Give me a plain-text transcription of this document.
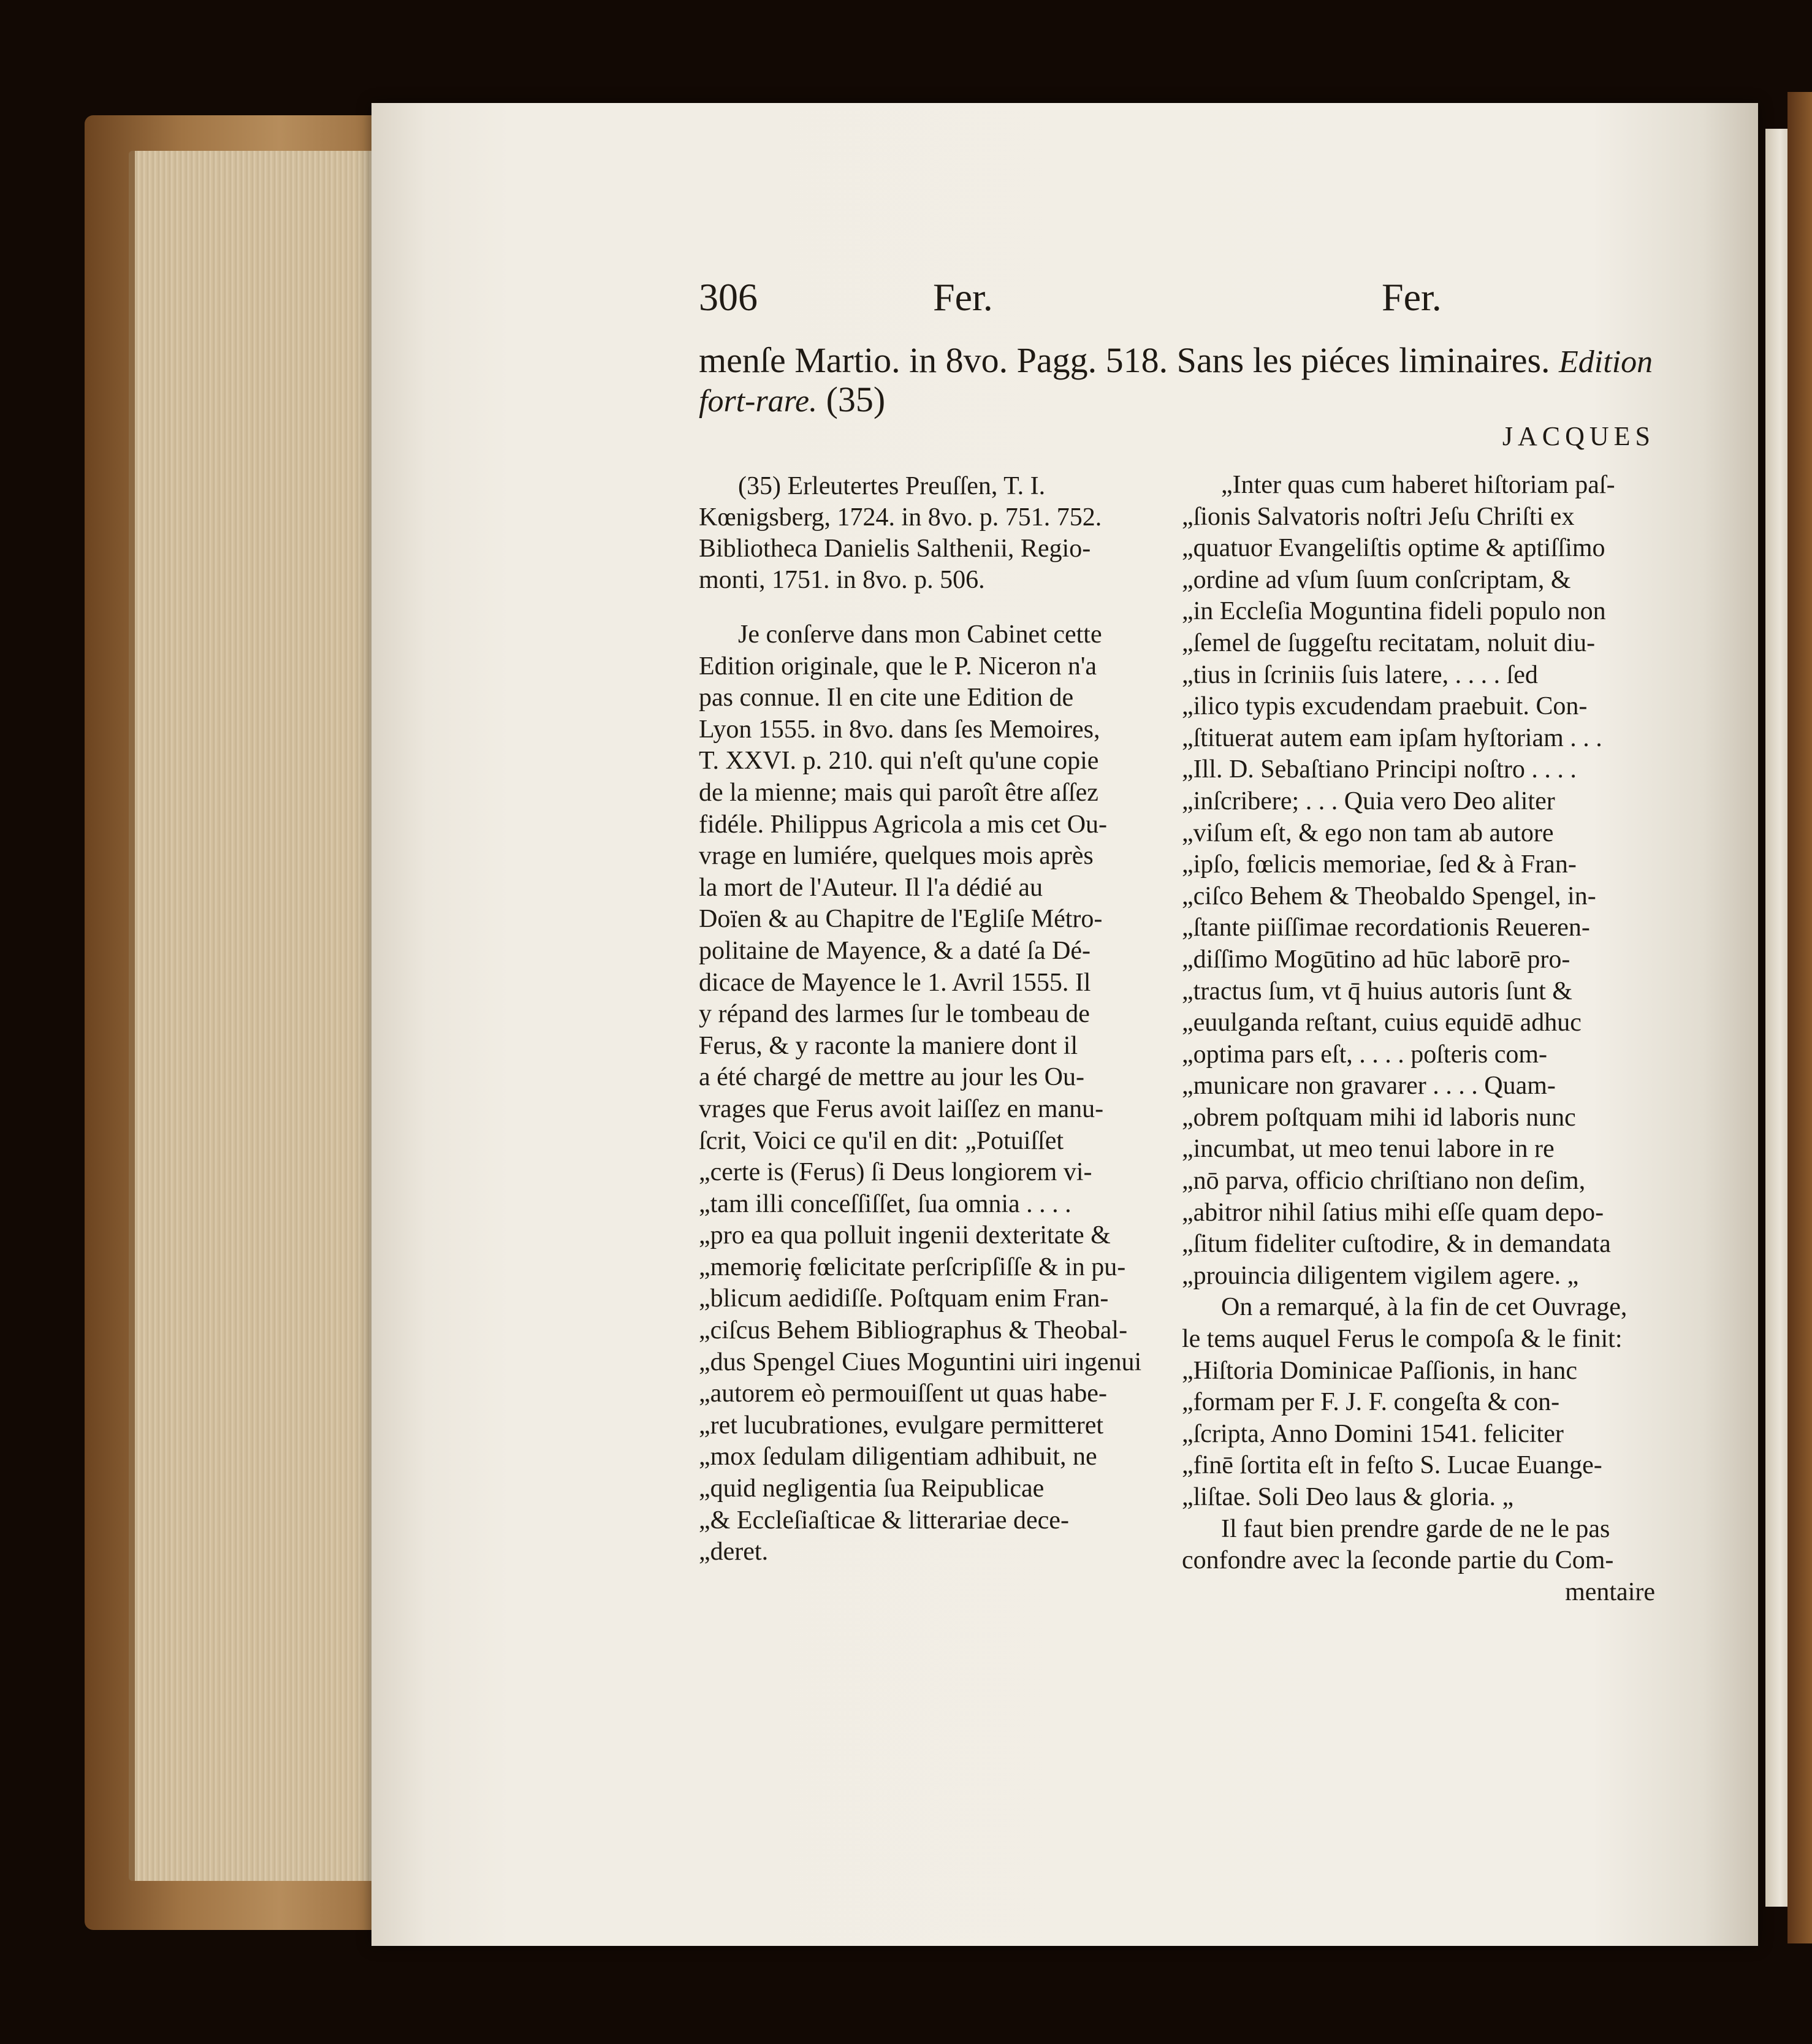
306	Fer.	Fer.
menſe Martio. in 8vo. Pagg. 518. Sans les piéces liminaires. Edition
fort-rare. (35)

(35) Erleutertes Preuſſen, T. I.

Kœnigsberg, 1724. in 8vo. p. 751. 752.

Bibliotheca Danielis Salthenii, Regio-

monti, 1751. in 8vo. p. 506.

Je conſerve dans mon Cabinet cette

Edition originale, que le P. Niceron n'a

pas connue. Il en cite une Edition de

Lyon 1555. in 8vo. dans ſes Memoires,

T. XXVI. p. 210. qui n'eſt qu'une copie

de la mienne; mais qui paroît être aſſez

fidéle. Philippus Agricola a mis cet Ou-

vrage en lumiére, quelques mois après

la mort de l'Auteur. Il l'a dédié au

Doïen & au Chapitre de l'Egliſe Métro-

politaine de Mayence, & a daté ſa Dé-

dicace de Mayence le 1. Avril 1555. Il

y répand des larmes ſur le tombeau de

Ferus, & y raconte la maniere dont il

a été chargé de mettre au jour les Ou-

vrages que Ferus avoit laiſſez en manu-

ſcrit, Voici ce qu'il en dit: „Potuiſſet

„certe is (Ferus) ſi Deus longiorem vi-

„tam illi conceſſiſſet, ſua omnia . . . .

„pro ea qua polluit ingenii dexteritate &

„memoriȩ fœlicitate perſcripſiſſe & in pu-

„blicum aedidiſſe. Poſtquam enim Fran-

„ciſcus Behem Bibliographus & Theobal-

„dus Spengel Ciues Moguntini uiri ingenui

„autorem eò permouiſſent ut quas habe-

„ret lucubrationes, evulgare permitteret

„mox ſedulam diligentiam adhibuit, ne

„quid negligentia ſua Reipublicae

„& Eccleſiaſticae & litterariae dece-

„deret.

JACQUES

„Inter quas cum haberet hiſtoriam paſ-

„ſionis Salvatoris noſtri Jeſu Chriſti ex

„quatuor Evangeliſtis optime & aptiſſimo

„ordine ad vſum ſuum conſcriptam, &

„in Eccleſia Moguntina fideli populo non

„ſemel de ſuggeſtu recitatam, noluit diu-

„tius in ſcriniis ſuis latere, . . . . ſed

„ilico typis excudendam praebuit. Con-

„ſtituerat autem eam ipſam hyſtoriam . . .

„Ill. D. Sebaſtiano Principi noſtro . . . .

„inſcribere; . . . Quia vero Deo aliter

„viſum eſt, & ego non tam ab autore

„ipſo, fœlicis memoriae, ſed & à Fran-

„ciſco Behem & Theobaldo Spengel, in-

„ſtante piiſſimae recordationis Reueren-

„diſſimo Mogūtino ad hūc laborē pro-

„tractus ſum, vt q̄ huius autoris ſunt &

„euulganda reſtant, cuius equidē adhuc

„optima pars eſt, . . . . poſteris com-

„municare non gravarer . . . . Quam-

„obrem poſtquam mihi id laboris nunc

„incumbat, ut meo tenui labore in re

„nō parva, officio chriſtiano non deſim,

„abitror nihil ſatius mihi eſſe quam depo-

„ſitum fideliter cuſtodire, & in demandata

„prouincia diligentem vigilem agere. „

On a remarqué, à la fin de cet Ouvrage,

le tems auquel Ferus le compoſa & le finit:

„Hiſtoria Dominicae Paſſionis, in hanc

„formam per F. J. F. congeſta & con-

„ſcripta, Anno Domini 1541. feliciter

„finē ſortita eſt in feſto S. Lucae Euange-

„liſtae. Soli Deo laus & gloria. „

Il faut bien prendre garde de ne le pas

confondre avec la ſeconde partie du Com-

mentaire
